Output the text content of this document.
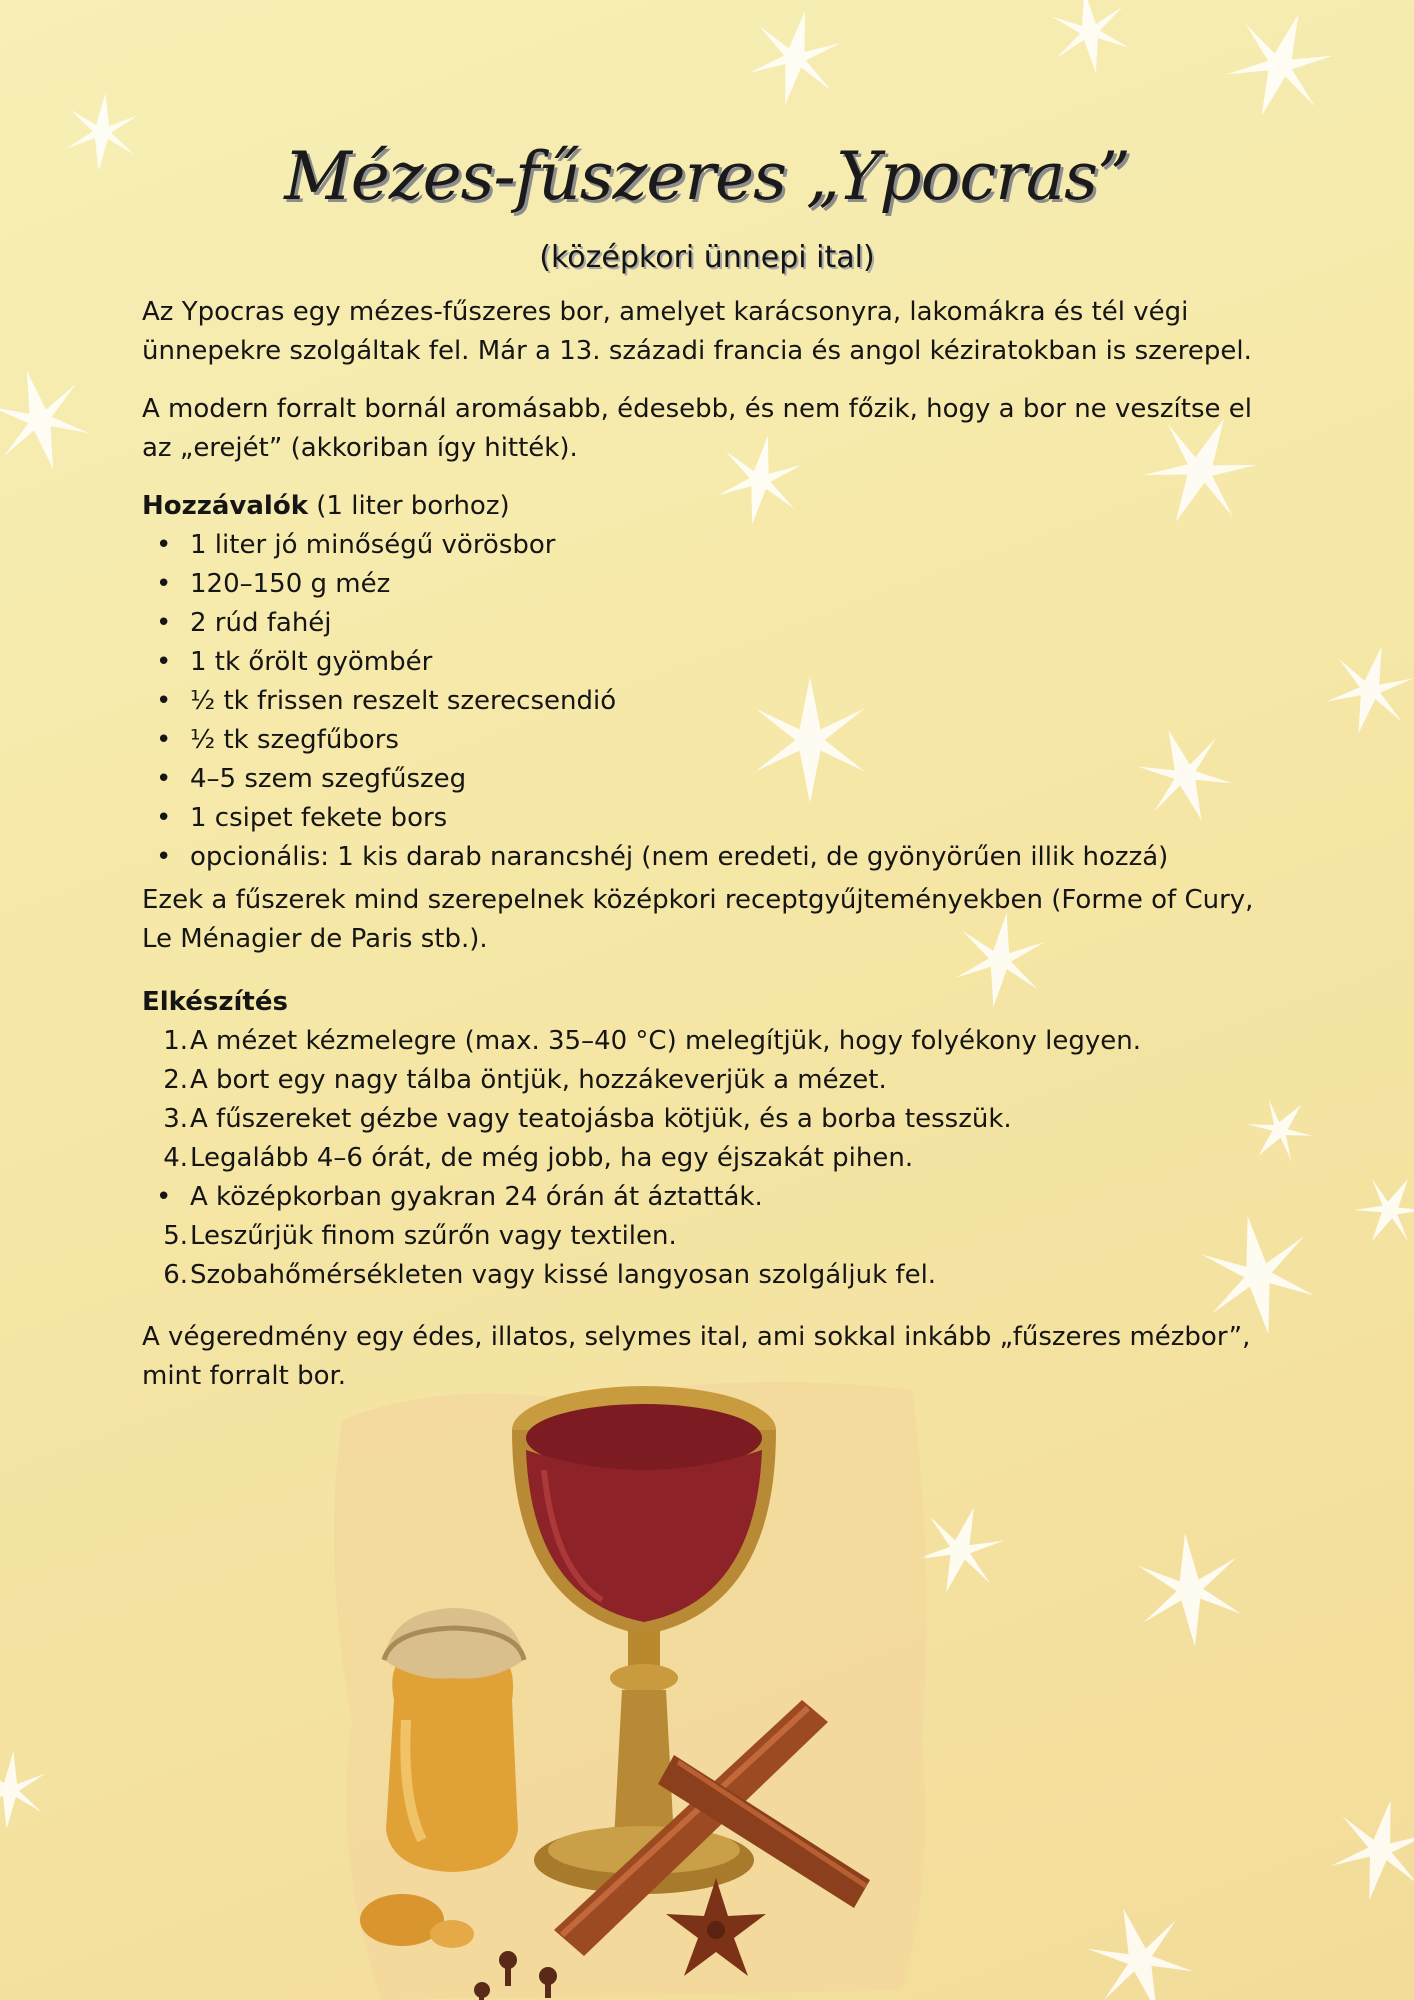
Mézes-fűszeres „Ypocras”
(középkori ünnepi ital)

Az Ypocras egy mézes-fűszeres bor, amelyet karácsonyra, lakomákra és tél végi ünnepekre szolgáltak fel. Már a 13. századi francia és angol kéziratokban is szerepel.

A modern forralt bornál aromásabb, édesebb, és nem főzik, hogy a bor ne veszítse el az „erejét” (akkoriban így hitték).

Hozzávalók (1 liter borhoz)

• 1 liter jó minőségű vörösbor
• 120–150 g méz
• 2 rúd fahéj
• 1 tk őrölt gyömbér
• ½ tk frissen reszelt szerecsendió
• ½ tk szegfűbors
• 4–5 szem szegfűszeg
• 1 csipet fekete bors
• opcionális: 1 kis darab narancshéj (nem eredeti, de gyönyörűen illik hozzá)

Ezek a fűszerek mind szerepelnek középkori receptgyűjteményekben (Forme of Cury, Le Ménagier de Paris stb.).

Elkészítés

1. A mézet kézmelegre (max. 35–40 °C) melegítjük, hogy folyékony legyen.
2. A bort egy nagy tálba öntjük, hozzákeverjük a mézet.
3. A fűszereket gézbe vagy teatojásba kötjük, és a borba tesszük.
4. Legalább 4–6 órát, de még jobb, ha egy éjszakát pihen.
• A középkorban gyakran 24 órán át áztatták.
5. Leszűrjük finom szűrőn vagy textilen.
6. Szobahőmérsékleten vagy kissé langyosan szolgáljuk fel.

A végeredmény egy édes, illatos, selymes ital, ami sokkal inkább „fűszeres mézbor”, mint forralt bor.
